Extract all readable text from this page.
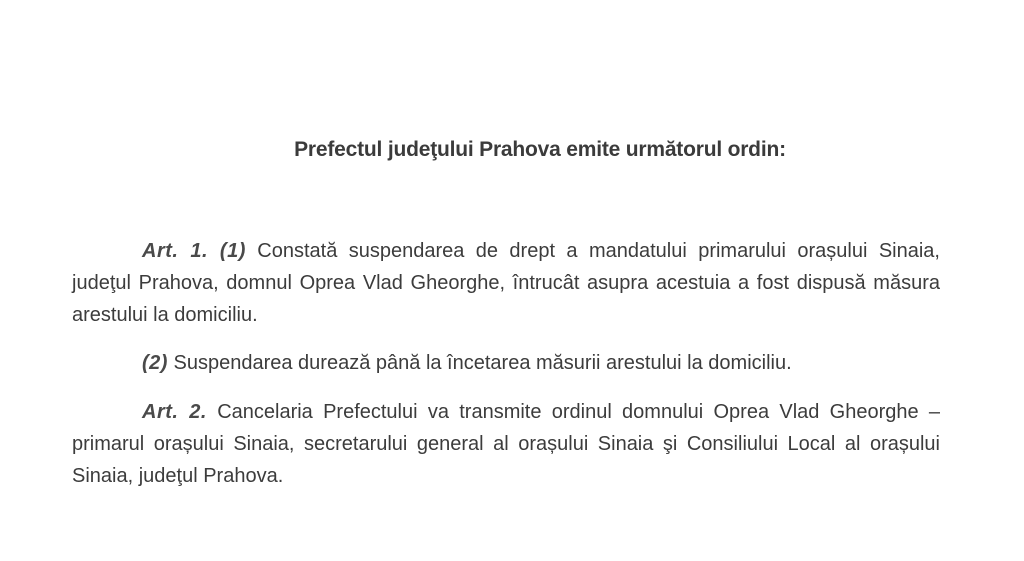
Prefectul judeţului Prahova emite următorul ordin:
Art. 1. (1) Constată suspendarea de drept a mandatului primarului orașului Sinaia, judeţul Prahova, domnul Oprea Vlad Gheorghe, întrucât asupra acestuia a fost dispusă măsura arestului la domiciliu.
(2) Suspendarea durează până la încetarea măsurii arestului la domiciliu.
Art. 2. Cancelaria Prefectului va transmite ordinul domnului Oprea Vlad Gheorghe – primarul orașului Sinaia, secretarului general al orașului Sinaia şi Consiliului Local al orașului Sinaia, judeţul Prahova.
